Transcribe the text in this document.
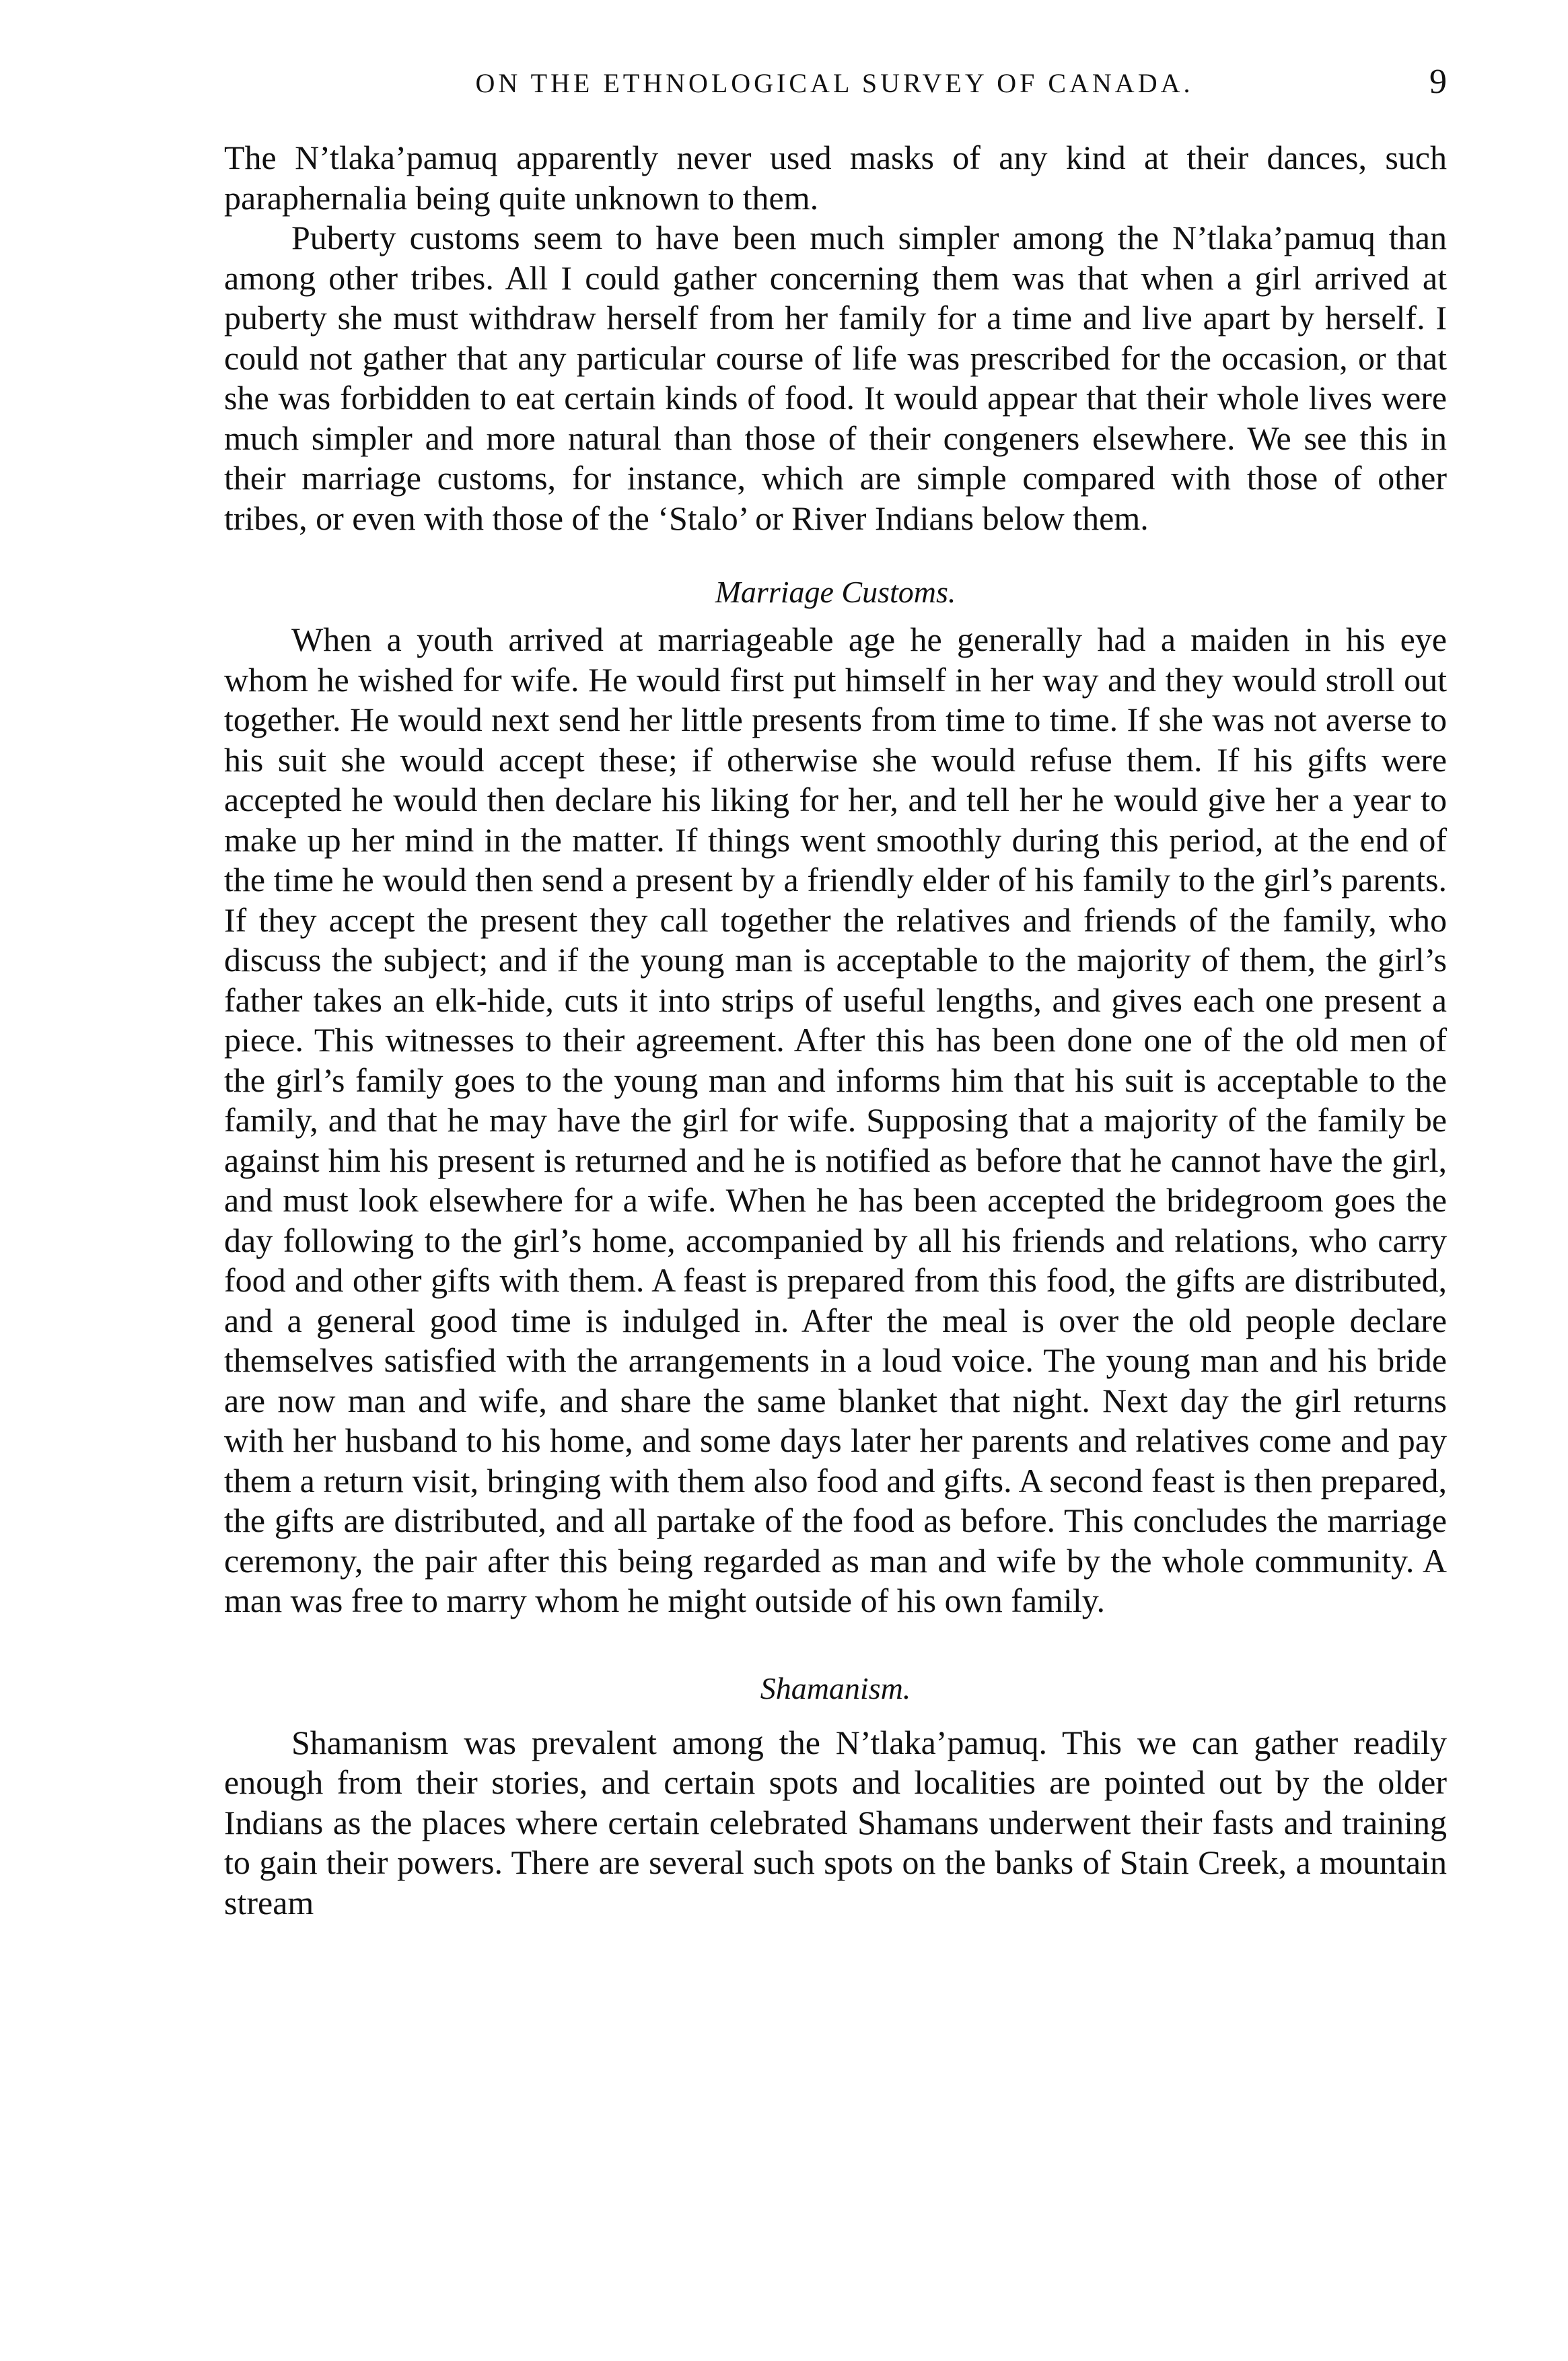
ON THE ETHNOLOGICAL SURVEY OF CANADA.	9

The N’tlaka’pamuq apparently never used masks of any kind at their dances, such paraphernalia being quite unknown to them.

Puberty customs seem to have been much simpler among the N’tlaka’pamuq than among other tribes. All I could gather concerning them was that when a girl arrived at puberty she must withdraw herself from her family for a time and live apart by herself. I could not gather that any particular course of life was prescribed for the occasion, or that she was forbidden to eat certain kinds of food. It would appear that their whole lives were much simpler and more natural than those of their congeners elsewhere. We see this in their marriage customs, for instance, which are simple compared with those of other tribes, or even with those of the ‘Stalo’ or River Indians below them.

Marriage Customs.

When a youth arrived at marriageable age he generally had a maiden in his eye whom he wished for wife. He would first put himself in her way and they would stroll out together. He would next send her little presents from time to time. If she was not averse to his suit she would accept these; if otherwise she would refuse them. If his gifts were accepted he would then declare his liking for her, and tell her he would give her a year to make up her mind in the matter. If things went smoothly during this period, at the end of the time he would then send a present by a friendly elder of his family to the girl’s parents. If they accept the present they call together the relatives and friends of the family, who discuss the subject; and if the young man is acceptable to the majority of them, the girl’s father takes an elk-hide, cuts it into strips of useful lengths, and gives each one present a piece. This witnesses to their agreement. After this has been done one of the old men of the girl’s family goes to the young man and informs him that his suit is acceptable to the family, and that he may have the girl for wife. Supposing that a majority of the family be against him his present is returned and he is notified as before that he cannot have the girl, and must look elsewhere for a wife. When he has been accepted the bridegroom goes the day following to the girl’s home, accompanied by all his friends and relations, who carry food and other gifts with them. A feast is prepared from this food, the gifts are distributed, and a general good time is indulged in. After the meal is over the old people declare themselves satisfied with the arrangements in a loud voice. The young man and his bride are now man and wife, and share the same blanket that night. Next day the girl returns with her husband to his home, and some days later her parents and relatives come and pay them a return visit, bringing with them also food and gifts. A second feast is then prepared, the gifts are distributed, and all partake of the food as before. This concludes the marriage ceremony, the pair after this being regarded as man and wife by the whole community. A man was free to marry whom he might outside of his own family.

Shamanism.

Shamanism was prevalent among the N’tlaka’pamuq. This we can gather readily enough from their stories, and certain spots and localities are pointed out by the older Indians as the places where certain celebrated Shamans underwent their fasts and training to gain their powers. There are several such spots on the banks of Stain Creek, a mountain stream
